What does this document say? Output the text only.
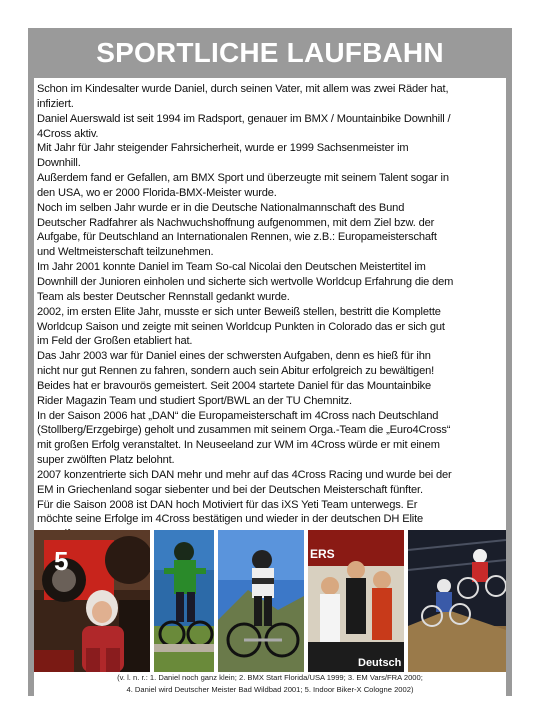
SPORTLICHE LAUFBAHN

Schon im Kindesalter wurde Daniel, durch seinen Vater, mit allem was zwei Räder hat,

infiziert.

Daniel Auerswald ist seit 1994 im Radsport, genauer im BMX / Mountainbike Downhill /

4Cross aktiv.

Mit Jahr für Jahr steigender Fahrsicherheit, wurde er 1999 Sachsenmeister im

Downhill.

Außerdem fand er Gefallen, am BMX Sport und überzeugte mit seinem Talent sogar in

den USA, wo er 2000 Florida-BMX-Meister wurde.

Noch im selben Jahr wurde er in die Deutsche Nationalmannschaft des Bund

Deutscher Radfahrer als Nachwuchshoffnung aufgenommen, mit dem Ziel bzw. der

Aufgabe, für Deutschland an Internationalen Rennen, wie z.B.: Europameisterschaft

und Weltmeisterschaft teilzunehmen.

Im Jahr 2001 konnte Daniel im Team So-cal Nicolai den Deutschen Meistertitel im

Downhill der Junioren einholen und sicherte sich wertvolle Worldcup Erfahrung die dem

Team als bester Deutscher Rennstall gedankt wurde.

2002, im ersten Elite Jahr, musste er sich unter Beweiß stellen, bestritt die Komplette

Worldcup Saison und zeigte mit seinen Worldcup Punkten in Colorado das er sich gut

im Feld der Großen etabliert hat.

Das Jahr 2003 war für Daniel eines der schwersten Aufgaben, denn es hieß für ihn

nicht nur gut Rennen zu fahren, sondern auch sein Abitur erfolgreich zu bewältigen!

Beides hat er bravourös gemeistert. Seit 2004 startete Daniel für das Mountainbike

Rider Magazin Team und studiert Sport/BWL an der TU Chemnitz.

In der Saison 2006 hat „DAN“ die Europameisterschaft im 4Cross nach Deutschland

(Stollberg/Erzgebirge) geholt und zusammen mit seinem Orga.-Team die „Euro4Cross“

mit großen Erfolg veranstaltet. In Neuseeland zur WM im 4Cross würde er mit einem

super zwölften Platz belohnt.

2007 konzentrierte sich DAN mehr und mehr auf das 4Cross Racing und wurde bei der

EM in Griechenland sogar siebenter und bei der Deutschen Meisterschaft fünfter.

Für die Saison 2008 ist DAN hoch Motiviert für das iXS Yeti Team unterwegs. Er

möchte seine Erfolge im 4Cross bestätigen und wieder in der deutschen DH Elite

5	ERS
Deutsch
(v. l. n. r.: 1. Daniel noch ganz klein; 2. BMX Start Florida/USA 1999; 3. EM Vars/FRA 2000;
4. Daniel wird Deutscher Meister Bad Wildbad 2001; 5. Indoor Biker-X Cologne 2002)
